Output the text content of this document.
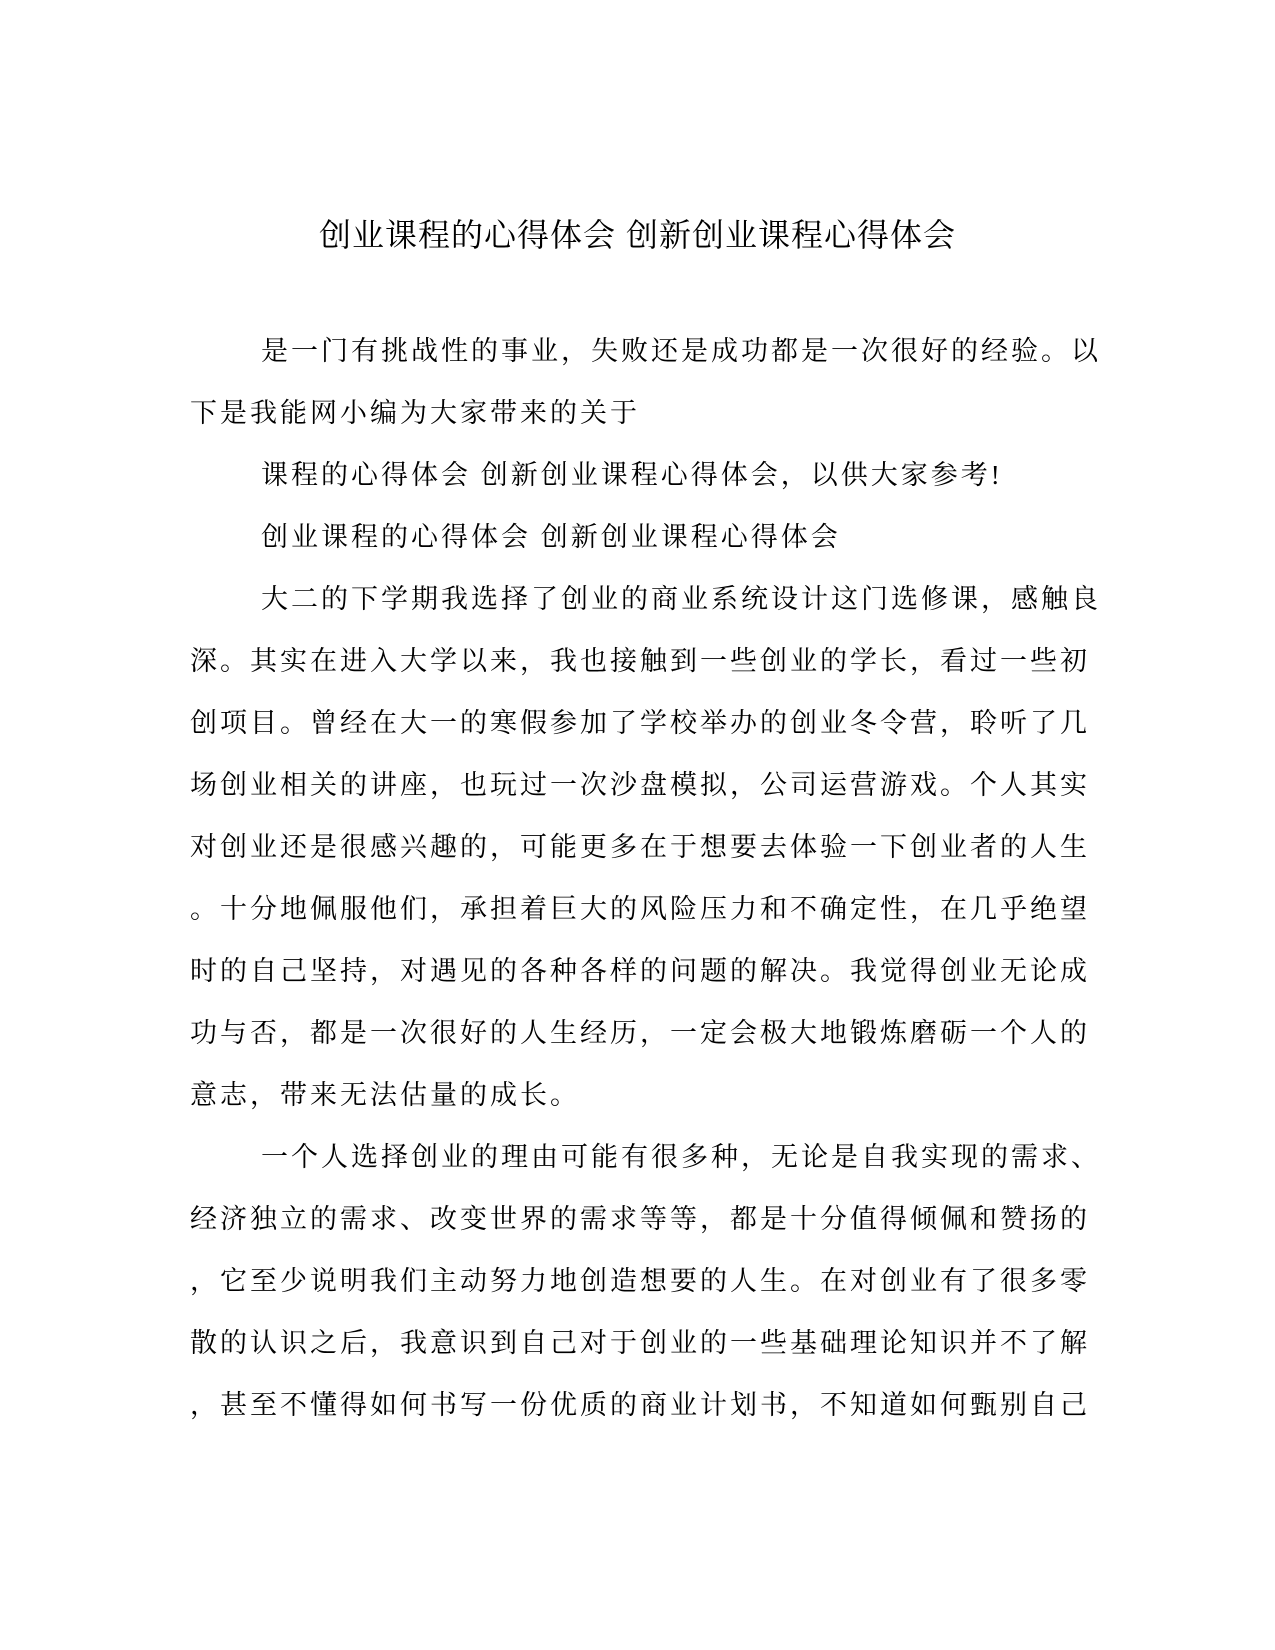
创业课程的心得体会 创新创业课程心得体会
是一门有挑战性的事业，失败还是成功都是一次很好的经验。以
下是我能网小编为大家带来的关于
课程的心得体会 创新创业课程心得体会，以供大家参考!
创业课程的心得体会 创新创业课程心得体会
大二的下学期我选择了创业的商业系统设计这门选修课，感触良
深。其实在进入大学以来，我也接触到一些创业的学长，看过一些初
创项目。曾经在大一的寒假参加了学校举办的创业冬令营，聆听了几
场创业相关的讲座，也玩过一次沙盘模拟，公司运营游戏。个人其实
对创业还是很感兴趣的，可能更多在于想要去体验一下创业者的人生
。十分地佩服他们，承担着巨大的风险压力和不确定性，在几乎绝望
时的自己坚持，对遇见的各种各样的问题的解决。我觉得创业无论成
功与否，都是一次很好的人生经历，一定会极大地锻炼磨砺一个人的
意志，带来无法估量的成长。
一个人选择创业的理由可能有很多种，无论是自我实现的需求、
经济独立的需求、改变世界的需求等等，都是十分值得倾佩和赞扬的
，它至少说明我们主动努力地创造想要的人生。在对创业有了很多零
散的认识之后，我意识到自己对于创业的一些基础理论知识并不了解
，甚至不懂得如何书写一份优质的商业计划书，不知道如何甄别自己
